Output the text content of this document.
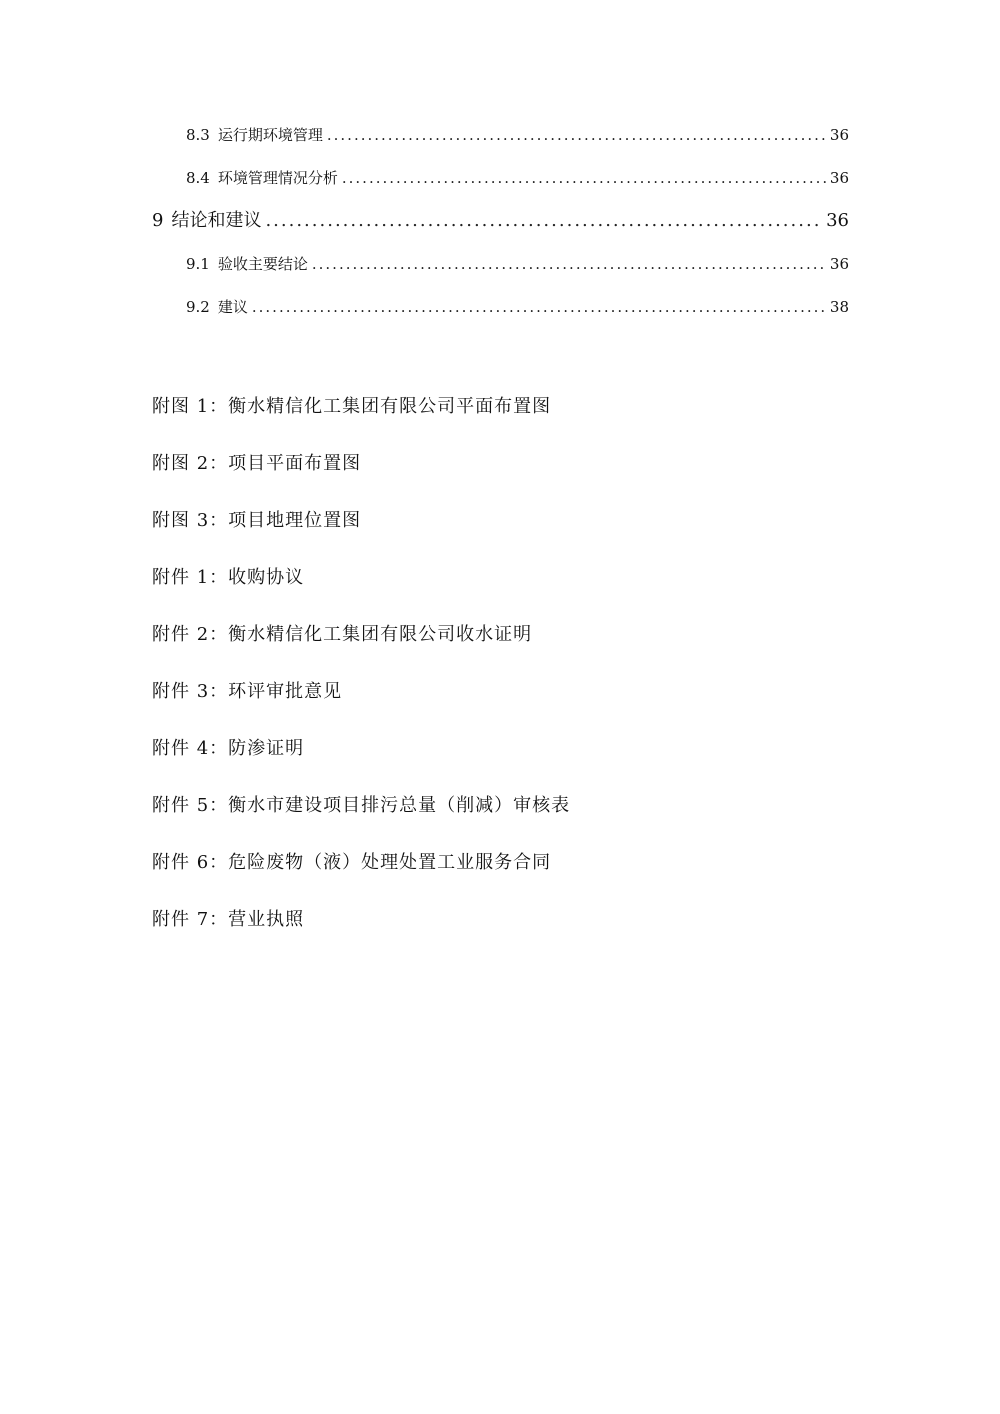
8.3 运行期环境管理 .....	36
8.4 环境管理情况分析 .....	36
9 结论和建议 .....	36
9.1 验收主要结论 .....	36
9.2 建议 .....	38
附图 1：衡水精信化工集团有限公司平面布置图
附图 2：项目平面布置图
附图 3：项目地理位置图
附件 1：收购协议
附件 2：衡水精信化工集团有限公司收水证明
附件 3：环评审批意见
附件 4：防渗证明
附件 5：衡水市建设项目排污总量（削减）审核表
附件 6：危险废物（液）处理处置工业服务合同
附件 7：营业执照
